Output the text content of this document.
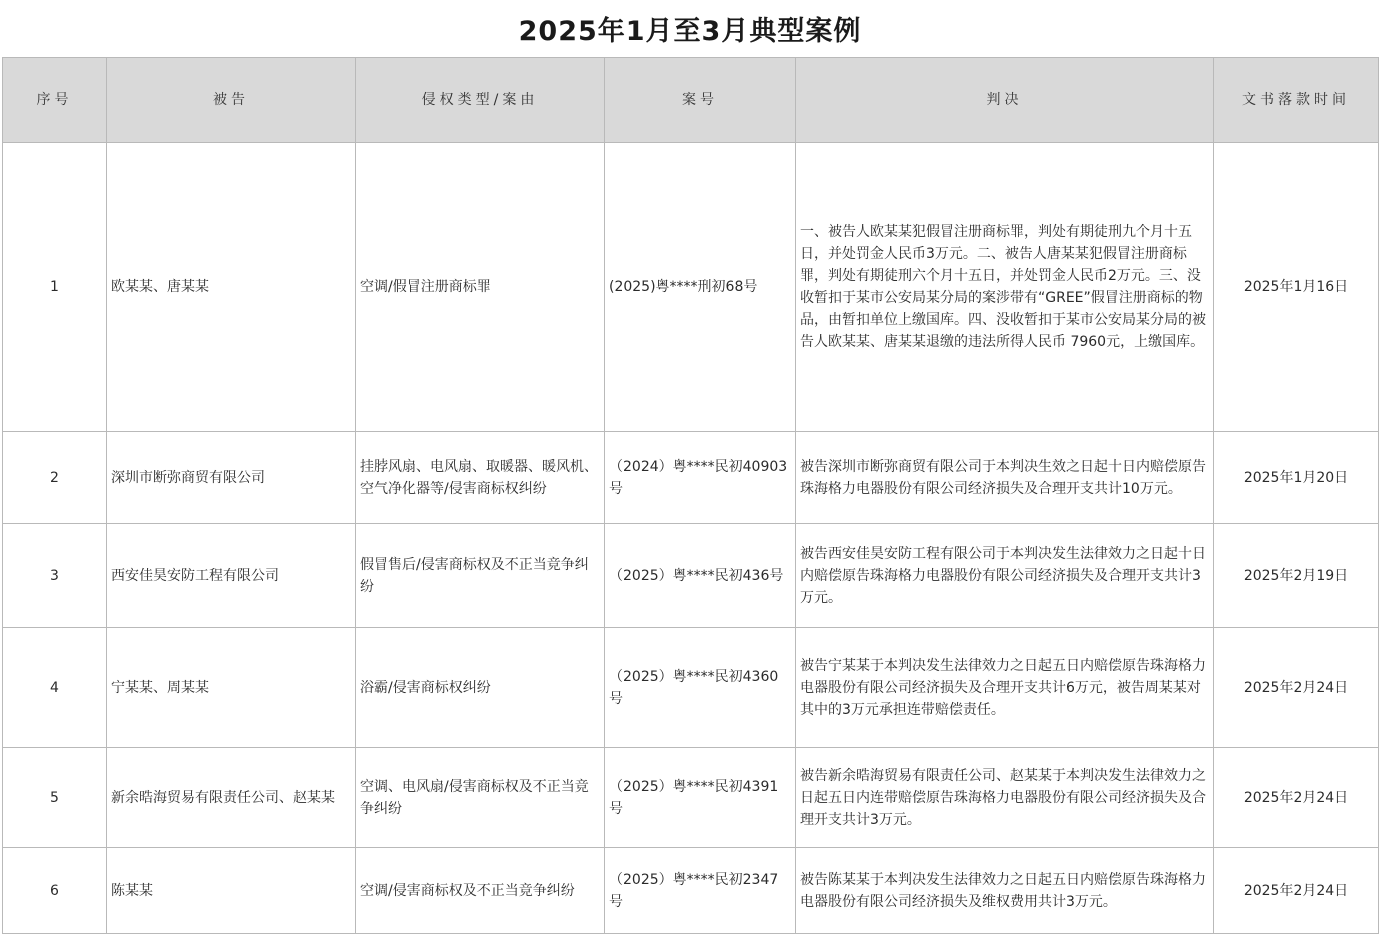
2025年1月至3月典型案例
序号	被告	侵权类型/案由	案号	判决	文书落款时间
1	欧某某、唐某某	空调/假冒注册商标罪	(2025)粤****刑初68号	一、被告人欧某某犯假冒注册商标罪，判处有期徒刑九个月十五日，并处罚金人民币3万元。二、被告人唐某某犯假冒注册商标罪，判处有期徒刑六个月十五日，并处罚金人民币2万元。三、没收暂扣于某市公安局某分局的案涉带有“GREE”假冒注册商标的物品，由暂扣单位上缴国库。四、没收暂扣于某市公安局某分局的被告人欧某某、唐某某退缴的违法所得人民币 7960元，上缴国库。	2025年1月16日
2	深圳市断弥商贸有限公司	挂脖风扇、电风扇、取暖器、暖风机、空气净化器等/侵害商标权纠纷	（2024）粤****民初40903号	被告深圳市断弥商贸有限公司于本判决生效之日起十日内赔偿原告珠海格力电器股份有限公司经济损失及合理开支共计10万元。	2025年1月20日
3	西安佳昊安防工程有限公司	假冒售后/侵害商标权及不正当竞争纠纷	（2025）粤****民初436号	被告西安佳昊安防工程有限公司于本判决发生法律效力之日起十日内赔偿原告珠海格力电器股份有限公司经济损失及合理开支共计3万元。	2025年2月19日
4	宁某某、周某某	浴霸/侵害商标权纠纷	（2025）粤****民初4360号	被告宁某某于本判决发生法律效力之日起五日内赔偿原告珠海格力电器股份有限公司经济损失及合理开支共计6万元，被告周某某对其中的3万元承担连带赔偿责任。	2025年2月24日
5	新余晧海贸易有限责任公司、赵某某	空调、电风扇/侵害商标权及不正当竞争纠纷	（2025）粤****民初4391号	被告新余晧海贸易有限责任公司、赵某某于本判决发生法律效力之日起五日内连带赔偿原告珠海格力电器股份有限公司经济损失及合理开支共计3万元。	2025年2月24日
6	陈某某	空调/侵害商标权及不正当竞争纠纷	（2025）粤****民初2347号	被告陈某某于本判决发生法律效力之日起五日内赔偿原告珠海格力电器股份有限公司经济损失及维权费用共计3万元。	2025年2月24日
